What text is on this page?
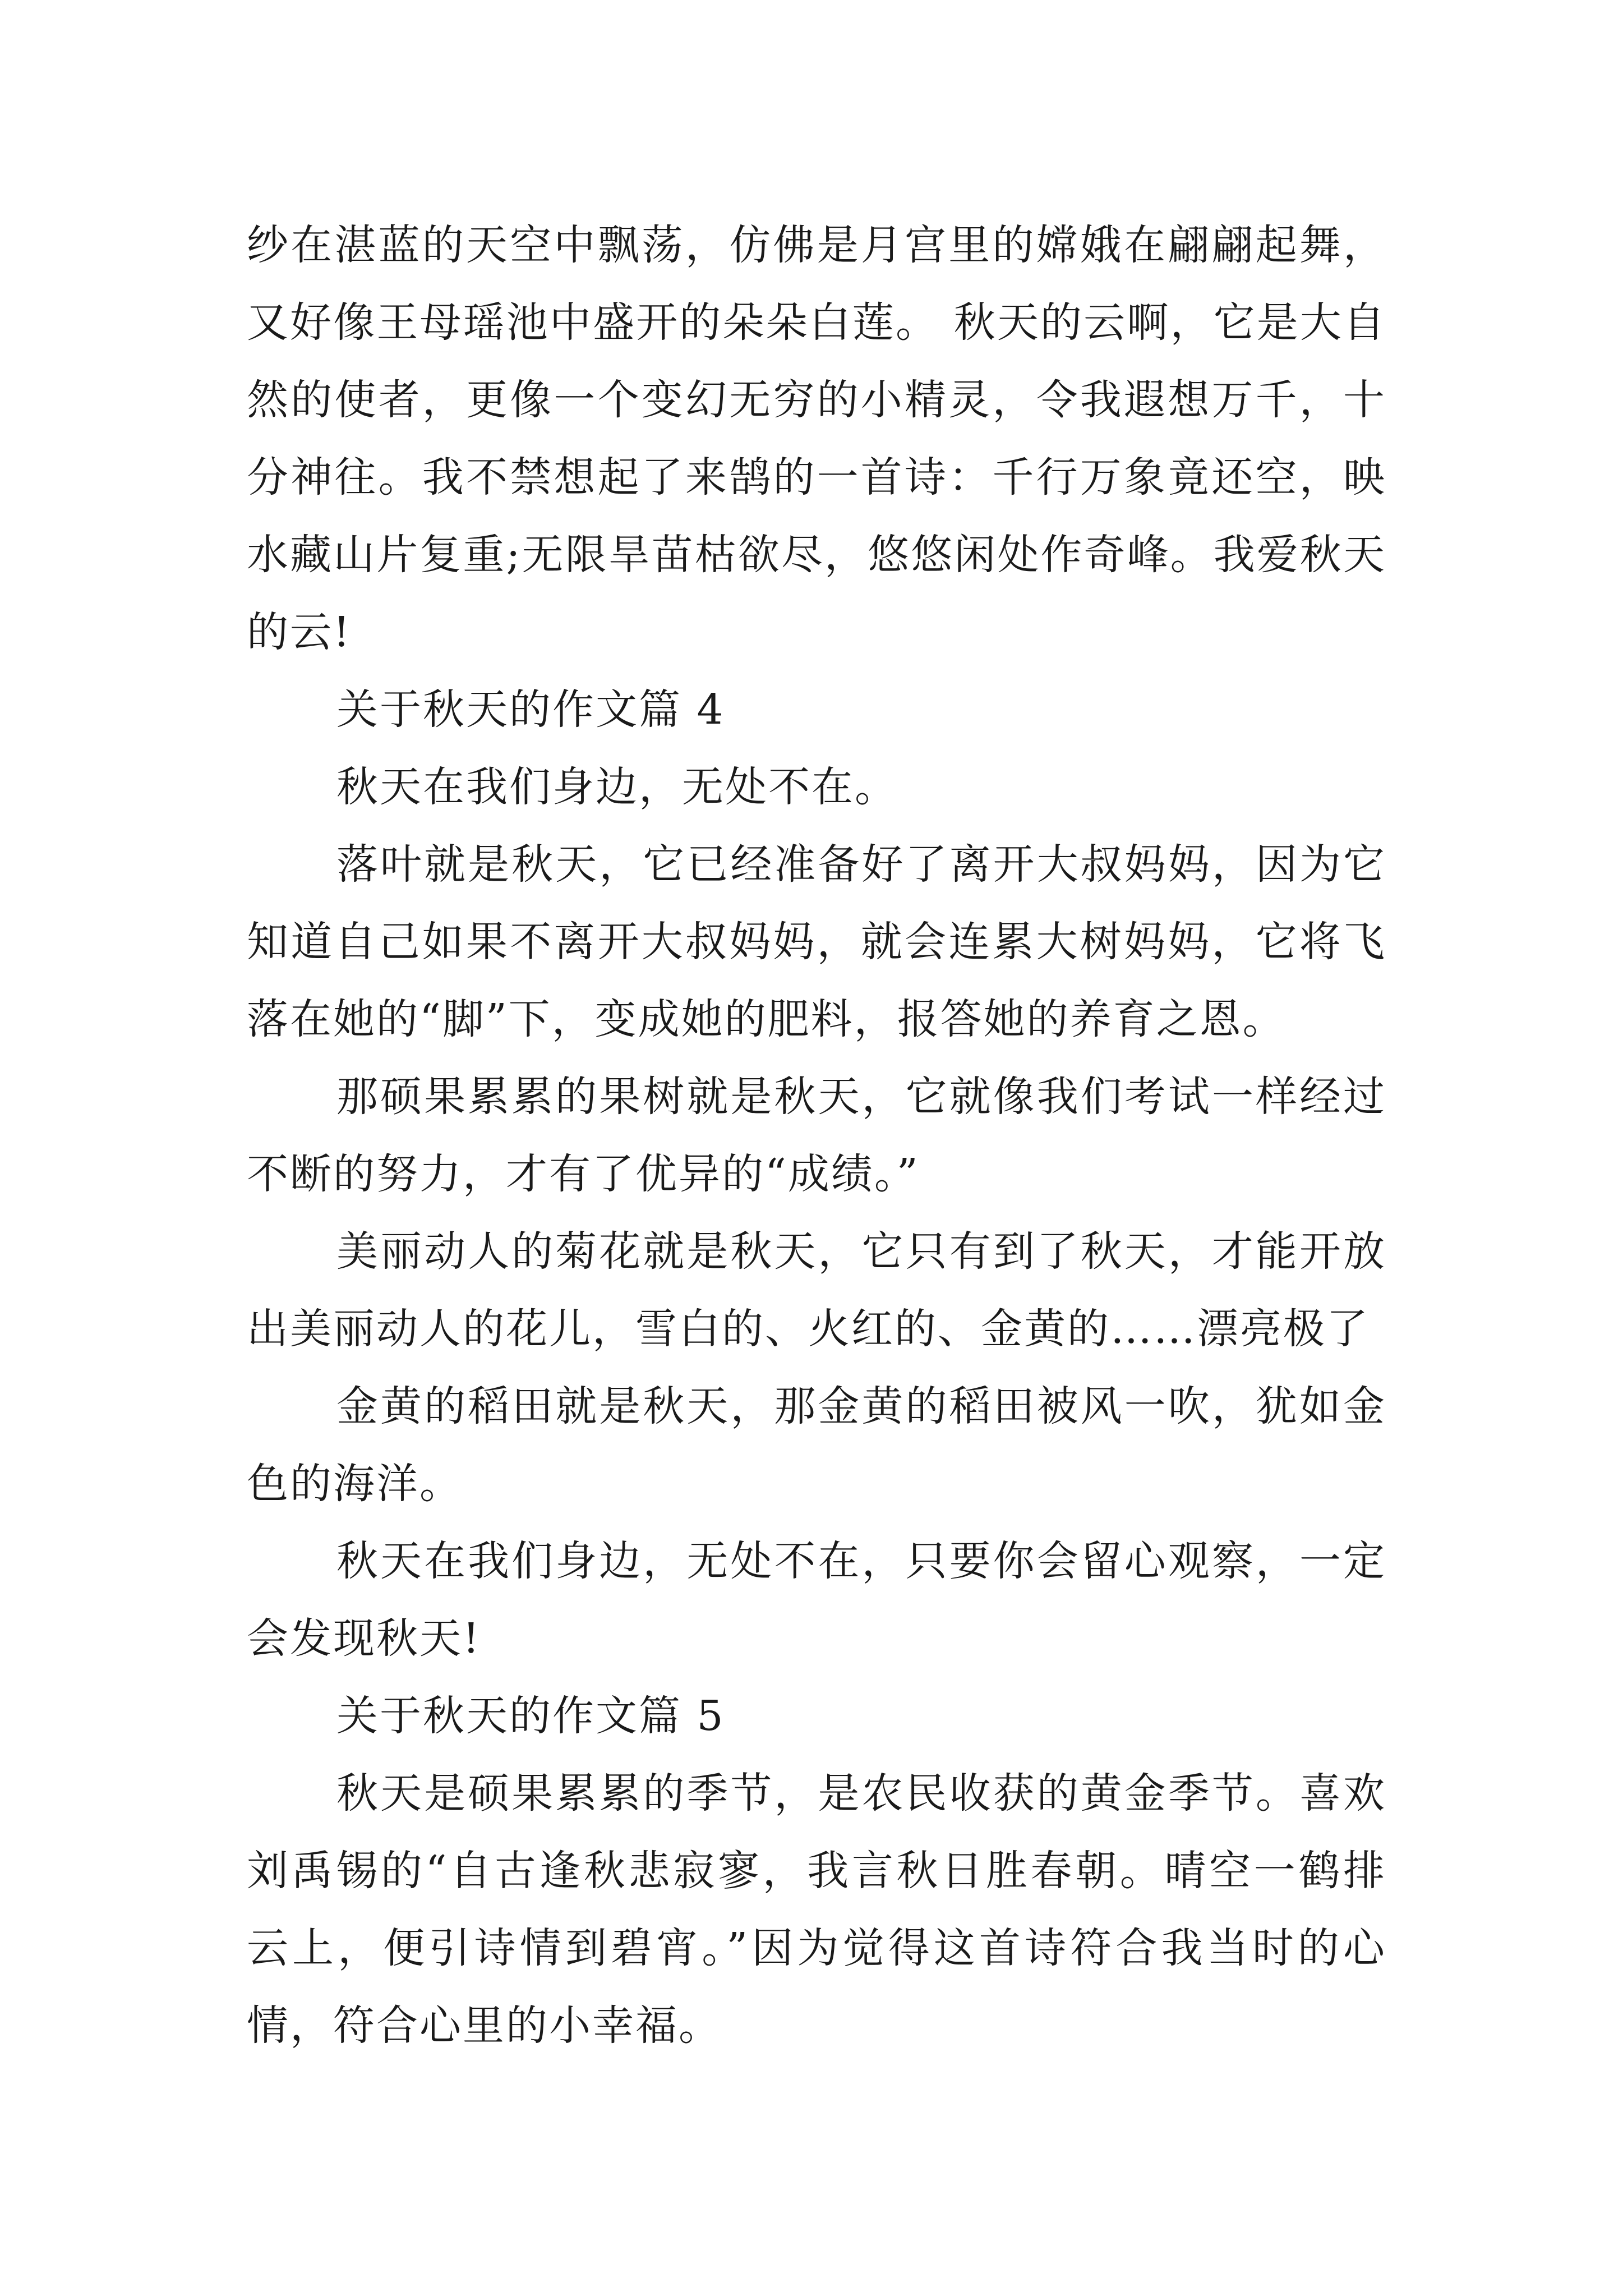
纱在湛蓝的天空中飘荡，仿佛是月宫里的嫦娥在翩翩起舞，又好像王母瑶池中盛开的朵朵白莲。 秋天的云啊，它是大自然的使者，更像一个变幻无穷的小精灵，令我遐想万千，十分神往。我不禁想起了来鹄的一首诗：千行万象竟还空，映水藏山片复重;无限旱苗枯欲尽，悠悠闲处作奇峰。我爱秋天的云!

关于秋天的作文篇 4

秋天在我们身边，无处不在。

落叶就是秋天，它已经准备好了离开大叔妈妈，因为它知道自己如果不离开大叔妈妈，就会连累大树妈妈，它将飞落在她的“脚”下，变成她的肥料，报答她的养育之恩。

那硕果累累的果树就是秋天，它就像我们考试一样经过不断的努力，才有了优异的“成绩。”

美丽动人的菊花就是秋天，它只有到了秋天，才能开放出美丽动人的花儿，雪白的、火红的、金黄的……漂亮极了

金黄的稻田就是秋天，那金黄的稻田被风一吹，犹如金色的海洋。

秋天在我们身边，无处不在，只要你会留心观察，一定会发现秋天!

关于秋天的作文篇 5

秋天是硕果累累的季节，是农民收获的黄金季节。喜欢刘禹锡的“自古逢秋悲寂寥，我言秋日胜春朝。晴空一鹤排云上，便引诗情到碧宵。”因为觉得这首诗符合我当时的心情，符合心里的小幸福。
